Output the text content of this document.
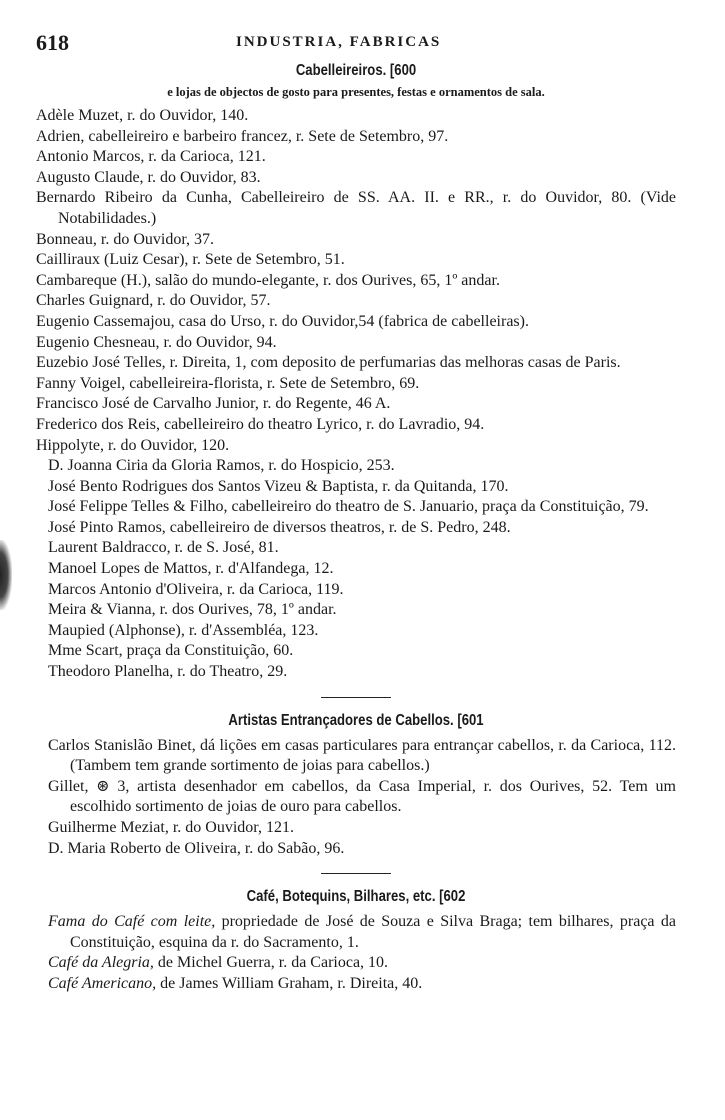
618	INDUSTRIA, FABRICAS
Cabelleireiros. [600
e lojas de objectos de gosto para presentes, festas e ornamentos de sala.
Adèle Muzet, r. do Ouvidor, 140.
Adrien, cabelleireiro e barbeiro francez, r. Sete de Setembro, 97.
Antonio Marcos, r. da Carioca, 121.
Augusto Claude, r. do Ouvidor, 83.
Bernardo Ribeiro da Cunha, Cabelleireiro de SS. AA. II. e RR., r. do Ouvidor, 80. (Vide Notabilidades.)
Bonneau, r. do Ouvidor, 37.
Cailliraux (Luiz Cesar), r. Sete de Setembro, 51.
Cambareque (H.), salão do mundo-elegante, r. dos Ourives, 65, 1º andar.
Charles Guignard, r. do Ouvidor, 57.
Eugenio Cassemajou, casa do Urso, r. do Ouvidor,54 (fabrica de cabelleiras).
Eugenio Chesneau, r. do Ouvidor, 94.
Euzebio José Telles, r. Direita, 1, com deposito de perfumarias das melhoras casas de Paris.
Fanny Voigel, cabelleireira-florista, r. Sete de Setembro, 69.
Francisco José de Carvalho Junior, r. do Regente, 46 A.
Frederico dos Reis, cabelleireiro do theatro Lyrico, r. do Lavradio, 94.
Hippolyte, r. do Ouvidor, 120.
D. Joanna Ciria da Gloria Ramos, r. do Hospicio, 253.
José Bento Rodrigues dos Santos Vizeu & Baptista, r. da Quitanda, 170.
José Felippe Telles & Filho, cabelleireiro do theatro de S. Januario, praça da Constituição, 79.
José Pinto Ramos, cabelleireiro de diversos theatros, r. de S. Pedro, 248.
Laurent Baldracco, r. de S. José, 81.
Manoel Lopes de Mattos, r. d'Alfandega, 12.
Marcos Antonio d'Oliveira, r. da Carioca, 119.
Meira & Vianna, r. dos Ourives, 78, 1º andar.
Maupied (Alphonse), r. d'Assembléa, 123.
Mme Scart, praça da Constituição, 60.
Theodoro Planelha, r. do Theatro, 29.
Artistas Entrançadores de Cabellos. [601
Carlos Stanislão Binet, dá lições em casas particulares para entrançar cabellos, r. da Carioca, 112. (Tambem tem grande sortimento de joias para cabellos.)
Gillet, ⊛ 3, artista desenhador em cabellos, da Casa Imperial, r. dos Ourives, 52. Tem um escolhido sortimento de joias de ouro para cabellos.
Guilherme Meziat, r. do Ouvidor, 121.
D. Maria Roberto de Oliveira, r. do Sabão, 96.
Café, Botequins, Bilhares, etc. [602
Fama do Café com leite, propriedade de José de Souza e Silva Braga; tem bilhares, praça da Constituição, esquina da r. do Sacramento, 1.
Café da Alegria, de Michel Guerra, r. da Carioca, 10.
Café Americano, de James William Graham, r. Direita, 40.
